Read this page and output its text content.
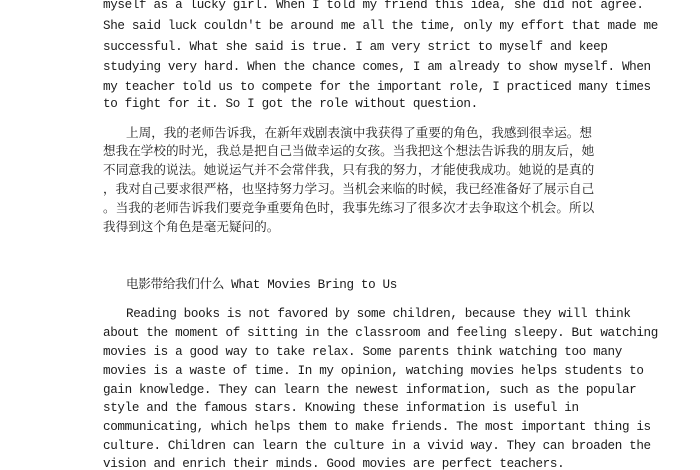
myself as a lucky girl. When I told my friend this idea, she did not agree.
She said luck couldn't be around me all the time, only my effort that made me
successful. What she said is true. I am very strict to myself and keep
studying very hard. When the chance comes, I am already to show myself. When
my teacher told us to compete for the important role, I practiced many times
to fight for it. So I got the role without question.
上周，我的老师告诉我，在新年戏剧表演中我获得了重要的角色，我感到很幸运。想
想我在学校的时光，我总是把自己当做幸运的女孩。当我把这个想法告诉我的朋友后，她
不同意我的说法。她说运气并不会常伴我，只有我的努力，才能使我成功。她说的是真的
，我对自己要求很严格，也坚持努力学习。当机会来临的时候，我已经准备好了展示自己
。当我的老师告诉我们要竞争重要角色时，我事先练习了很多次才去争取这个机会。所以
我得到这个角色是毫无疑问的。
电影带给我们什么 What Movies Bring to Us
Reading books is not favored by some children, because they will think
about the moment of sitting in the classroom and feeling sleepy. But watching
movies is a good way to take relax. Some parents think watching too many
movies is a waste of time. In my opinion, watching movies helps students to
gain knowledge. They can learn the newest information, such as the popular
style and the famous stars. Knowing these information is useful in
communicating, which helps them to make friends. The most important thing is
culture. Children can learn the culture in a vivid way. They can broaden the
vision and enrich their minds. Good movies are perfect teachers.
